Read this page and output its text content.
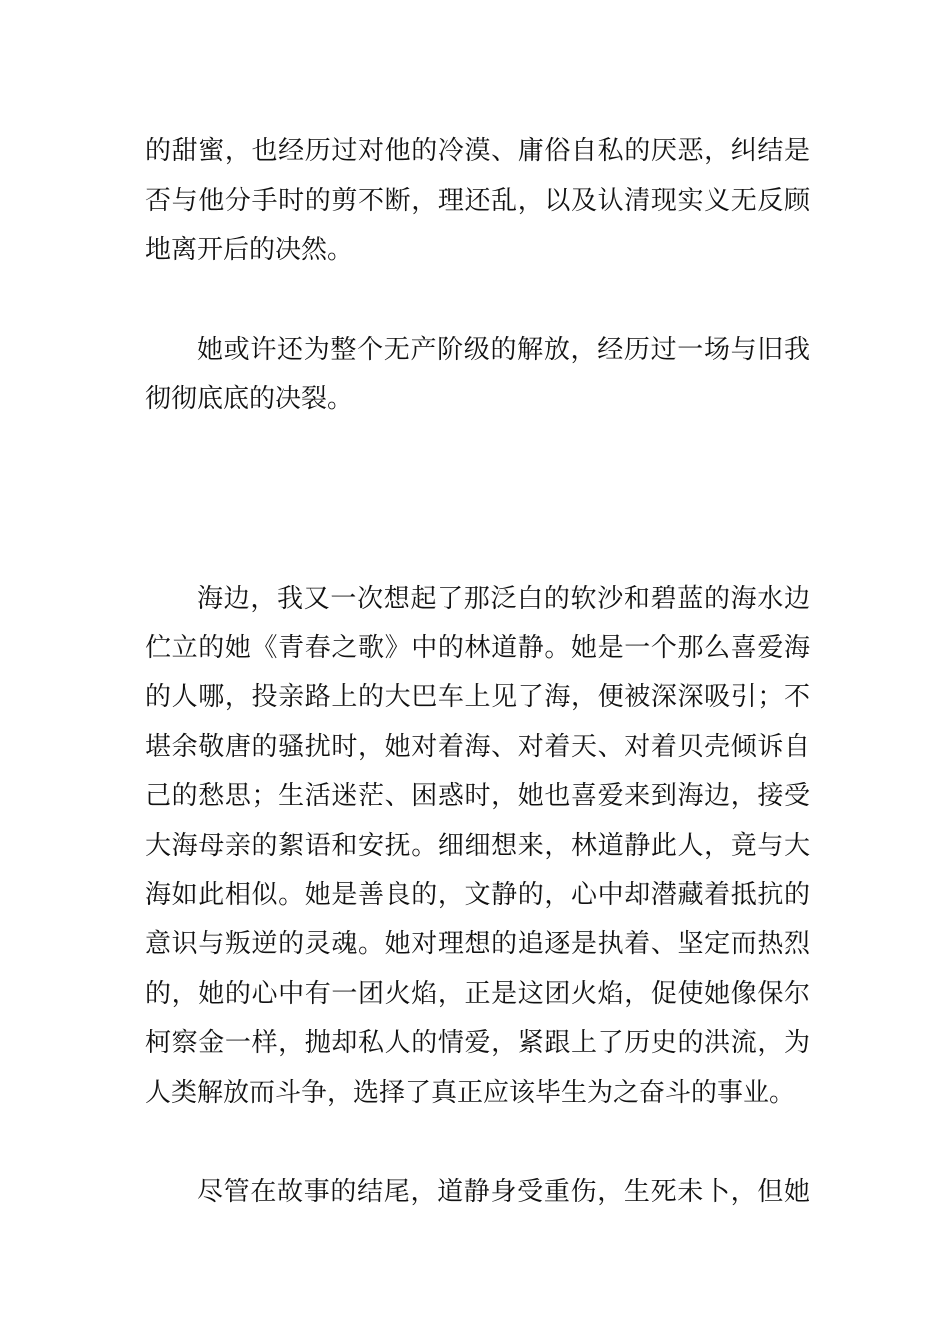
的甜蜜，也经历过对他的冷漠、庸俗自私的厌恶，纠结是
否与他分手时的剪不断，理还乱，以及认清现实义无反顾
地离开后的决然。
她或许还为整个无产阶级的解放，经历过一场与旧我
彻彻底底的决裂。
海边，我又一次想起了那泛白的软沙和碧蓝的海水边
伫立的她《青春之歌》中的林道静。她是一个那么喜爱海
的人哪，投亲路上的大巴车上见了海，便被深深吸引；不
堪余敬唐的骚扰时，她对着海、对着天、对着贝壳倾诉自
己的愁思；生活迷茫、困惑时，她也喜爱来到海边，接受
大海母亲的絮语和安抚。细细想来，林道静此人，竟与大
海如此相似。她是善良的，文静的，心中却潜藏着抵抗的
意识与叛逆的灵魂。她对理想的追逐是执着、坚定而热烈
的，她的心中有一团火焰，正是这团火焰，促使她像保尔
柯察金一样，抛却私人的情爱，紧跟上了历史的洪流，为
人类解放而斗争，选择了真正应该毕生为之奋斗的事业。
尽管在故事的结尾，道静身受重伤，生死未卜，但她
